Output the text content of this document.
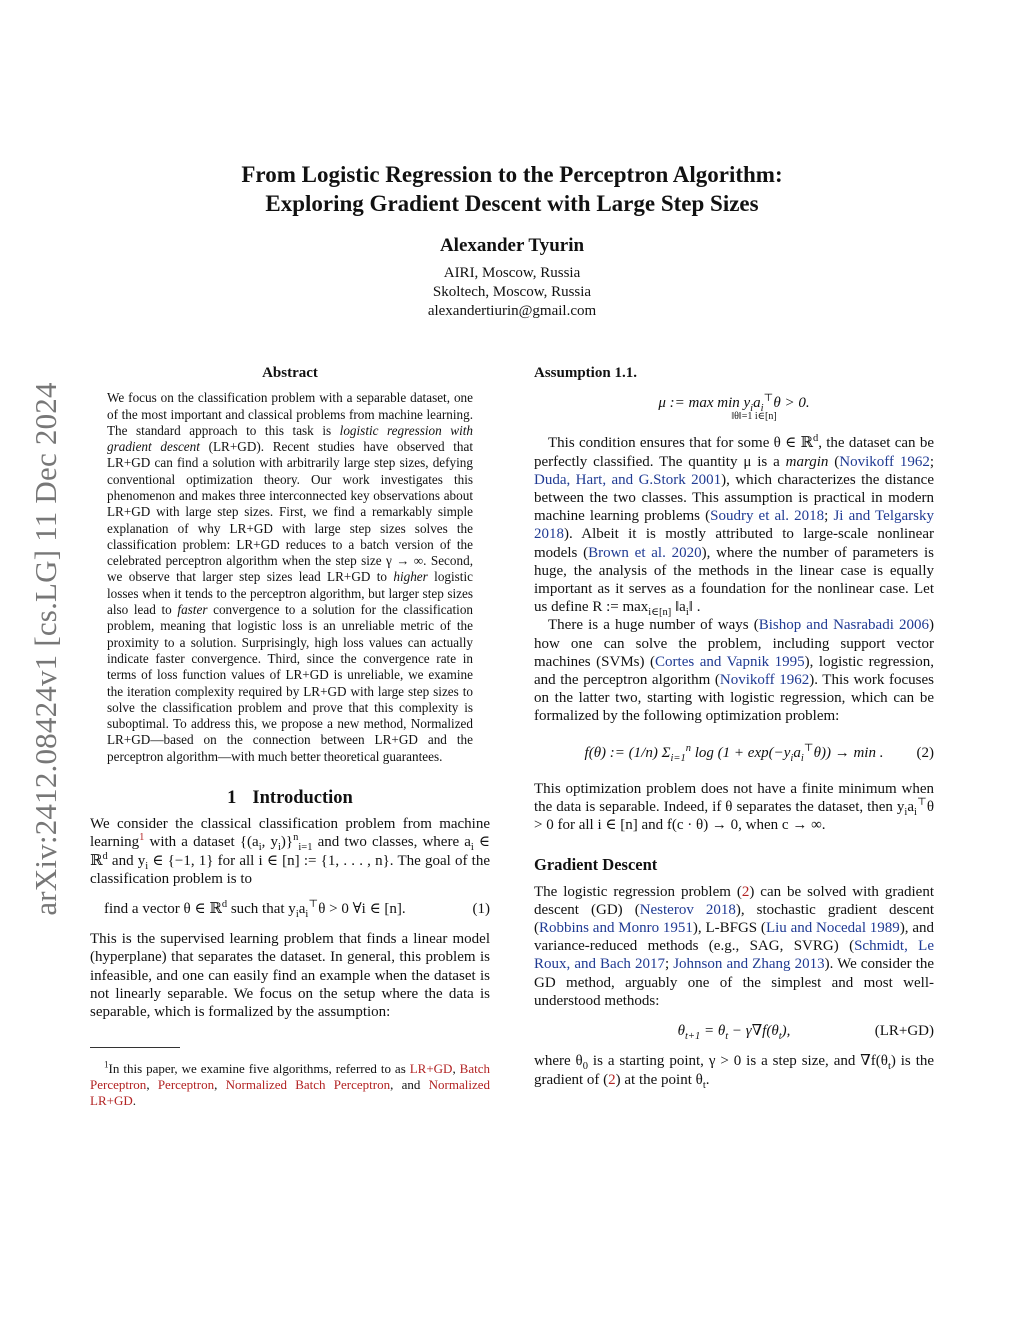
arXiv:2412.08424v1 [cs.LG] 11 Dec 2024
From Logistic Regression to the Perceptron Algorithm:
Exploring Gradient Descent with Large Step Sizes
Alexander Tyurin
AIRI, Moscow, Russia
Skoltech, Moscow, Russia
alexandertiurin@gmail.com
Abstract

We focus on the classification problem with a separable dataset, one of the most important and classical problems from machine learning. The standard approach to this task is logistic regression with gradient descent (LR+GD). Recent studies have observed that LR+GD can find a solution with arbitrarily large step sizes, defying conventional optimization theory. Our work investigates this phenomenon and makes three interconnected key observations about LR+GD with large step sizes. First, we find a remarkably simple explanation of why LR+GD with large step sizes solves the classification problem: LR+GD reduces to a batch version of the celebrated perceptron algorithm when the step size γ → ∞. Second, we observe that larger step sizes lead LR+GD to higher logistic losses when it tends to the perceptron algorithm, but larger step sizes also lead to faster convergence to a solution for the classification problem, meaning that logistic loss is an unreliable metric of the proximity to a solution. Surprisingly, high loss values can actually indicate faster convergence. Third, since the convergence rate in terms of loss function values of LR+GD is unreliable, we examine the iteration complexity required by LR+GD with large step sizes to solve the classification problem and prove that this complexity is suboptimal. To address this, we propose a new method, Normalized LR+GD—based on the connection between LR+GD and the perceptron algorithm—with much better theoretical guarantees.

1 Introduction

We consider the classical classification problem from machine learning$^1$ with a dataset {($a_i$, $y_i)\}^n_{i=1}$ and two classes, where $a_i$ ∈ ℝ$^d$ and $y_i$ ∈ {−1, 1} for all i ∈ [n] := {1, . . . , n}. The goal of the classification problem is to

find a vector θ ∈ ℝ$^d$ such that $y_ia_i^⊤\theta > 0$ ∀i ∈ [n].	(1)

This is the supervised learning problem that finds a linear model (hyperplane) that separates the dataset. In general, this problem is infeasible, and one can easily find an example when the dataset is not linearly separable. We focus on the setup where the data is separable, which is formalized by the assumption:

$^1$In this paper, we examine five algorithms, referred to as LR+GD, Batch Perceptron, Perceptron, Normalized Batch Perceptron, and Normalized LR+GD.

Assumption 1.1.
μ := $\max \min y_ia_i^⊤\theta > 0$.
‖θ‖=1 i∈[n]

This condition ensures that for some θ ∈ ℝ$^d$, the dataset can be perfectly classified. The quantity μ is a margin (Novikoff 1962; Duda, Hart, and G.Stork 2001), which characterizes the distance between the two classes. This assumption is practical in modern machine learning problems (Soudry et al. 2018; Ji and Telgarsky 2018). Albeit it is mostly attributed to large-scale nonlinear models (Brown et al. 2020), where the number of parameters is huge, the analysis of the methods in the linear case is equally important as it serves as a foundation for the nonlinear case. Let us define R := $\max_{i\in[n]}$ $‖a_i‖$ .

There is a huge number of ways (Bishop and Nasrabadi 2006) how one can solve the problem, including support vector machines (SVMs) (Cortes and Vapnik 1995), logistic regression, and the perceptron algorithm (Novikoff 1962). This work focuses on the latter two, starting with logistic regression, which can be formalized by the following optimization problem:

f(θ) := (1/n) $\Sigma_{i=1}^n$ $\log (1 + \exp(-y_ia_i^⊤\theta)) \to \min$ . (2)

This optimization problem does not have a finite minimum when the data is separable. Indeed, if θ separates the dataset, then $y_ia_i^⊤\theta > 0$ for all i ∈ [n] and f(c · θ) → 0, when c → ∞.

Gradient Descent

The logistic regression problem (2) can be solved with gradient descent (GD) (Nesterov 2018), stochastic gradient descent (Robbins and Monro 1951), L-BFGS (Liu and Nocedal 1989), and variance-reduced methods (e.g., SAG, SVRG) (Schmidt, Le Roux, and Bach 2017; Johnson and Zhang 2013). We consider the GD method, arguably one of the simplest and most well-understood methods:

$\theta_{t+1} = \theta_t - \gamma\nabla f(\theta_t)$,	(LR+GD)

where $\theta_0$ is a starting point, γ > 0 is a step size, and $\nabla f(\theta_t)$ is the gradient of (2) at the point $\theta_t$.
